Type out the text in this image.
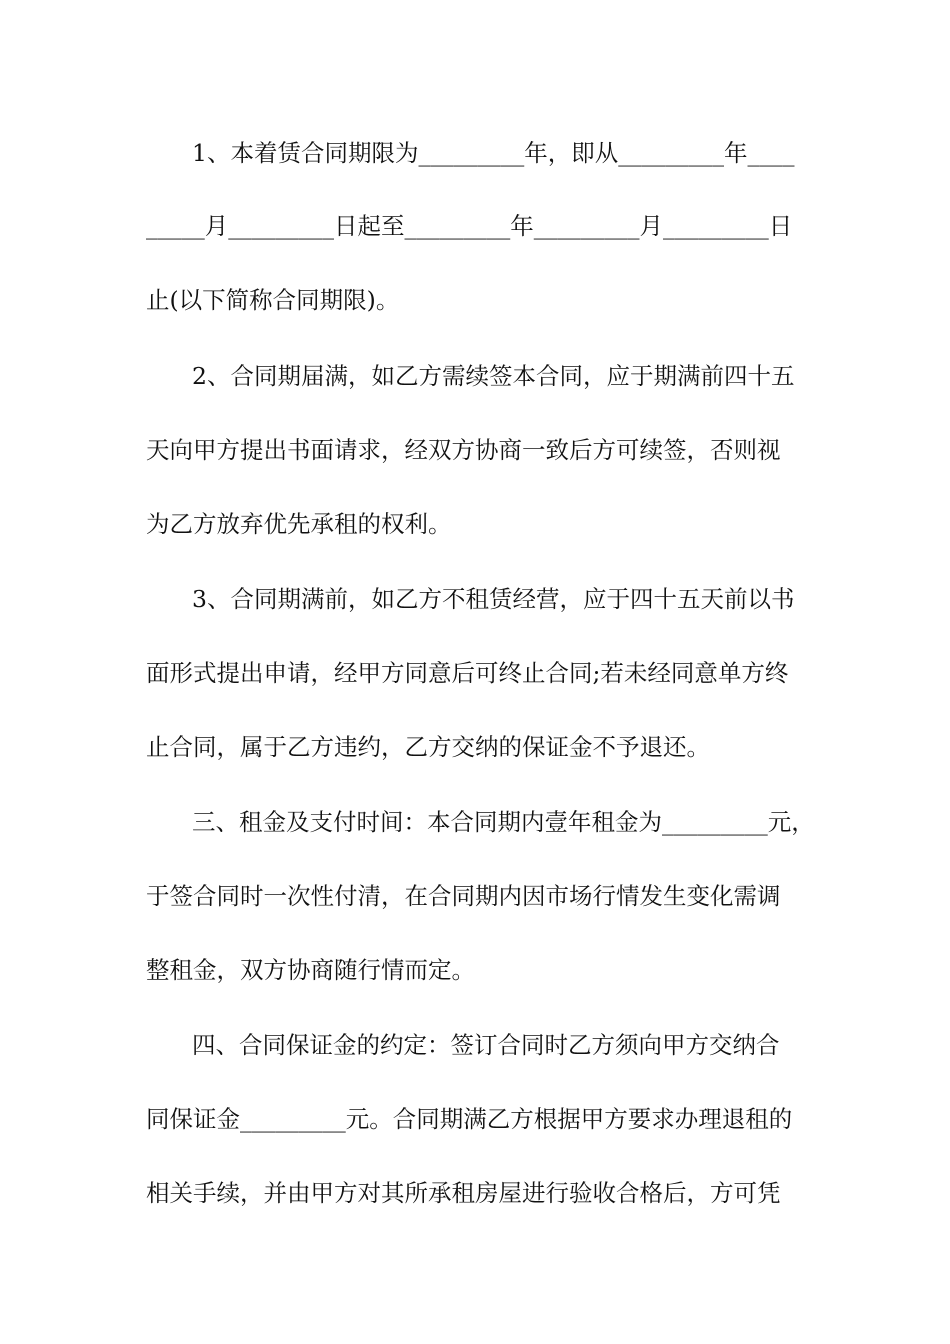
1、本着赁合同期限为_________年，即从_________年____
_____月_________日起至_________年_________月_________日
止(以下简称合同期限)。
2、合同期届满，如乙方需续签本合同，应于期满前四十五
天向甲方提出书面请求，经双方协商一致后方可续签，否则视
为乙方放弃优先承租的权利。
3、合同期满前，如乙方不租赁经营，应于四十五天前以书
面形式提出申请，经甲方同意后可终止合同;若未经同意单方终
止合同，属于乙方违约，乙方交纳的保证金不予退还。
三、租金及支付时间：本合同期内壹年租金为_________元，
于签合同时一次性付清，在合同期内因市场行情发生变化需调
整租金，双方协商随行情而定。
四、合同保证金的约定：签订合同时乙方须向甲方交纳合
同保证金_________元。合同期满乙方根据甲方要求办理退租的
相关手续，并由甲方对其所承租房屋进行验收合格后，方可凭
